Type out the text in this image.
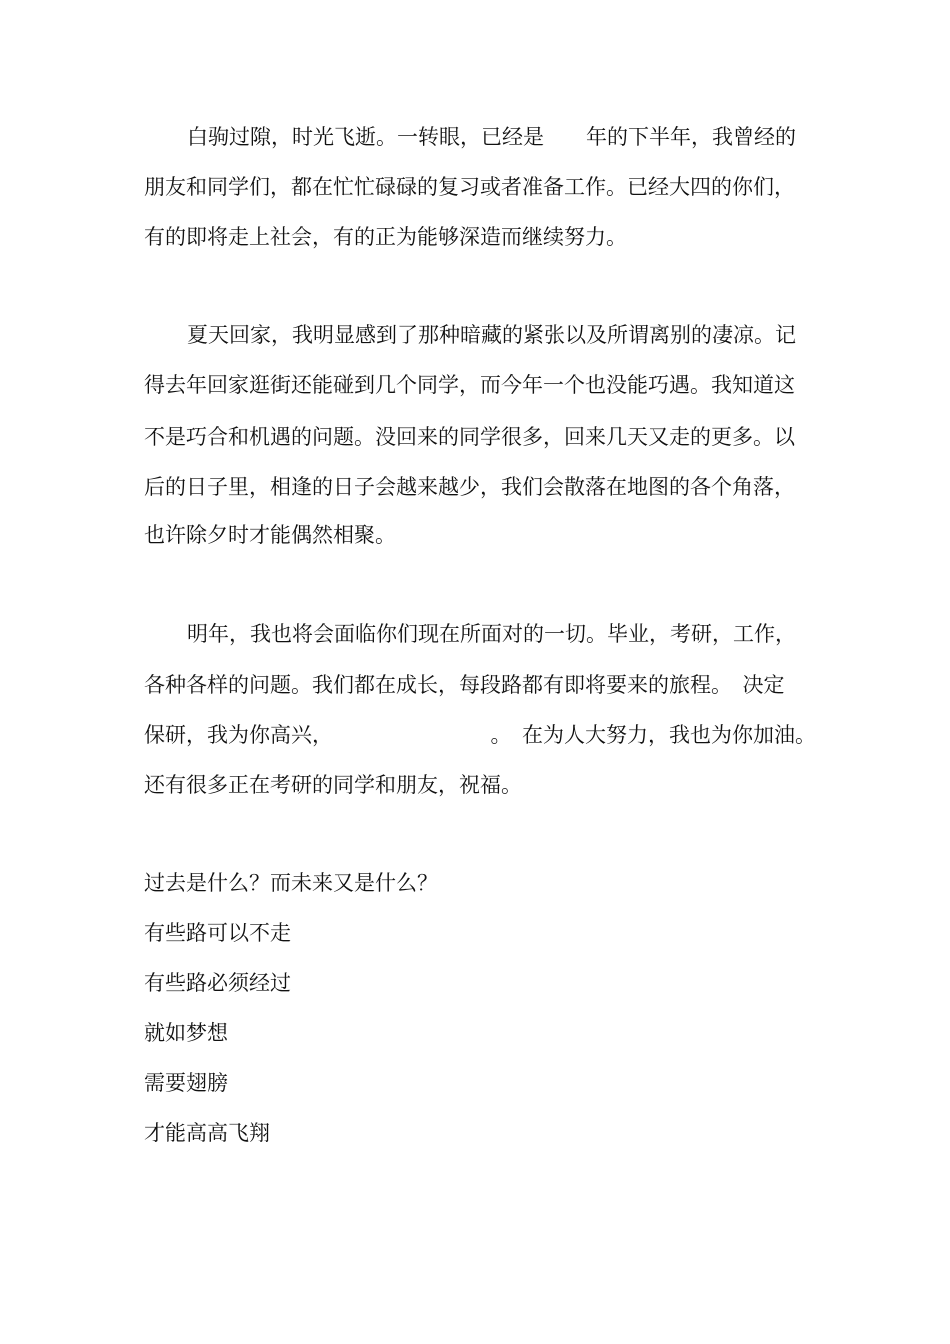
白驹过隙，时光飞逝。一转眼，已经是　　年的下半年，我曾经的
朋友和同学们，都在忙忙碌碌的复习或者准备工作。已经大四的你们，
有的即将走上社会，有的正为能够深造而继续努力。
夏天回家，我明显感到了那种暗藏的紧张以及所谓离别的凄凉。记
得去年回家逛街还能碰到几个同学，而今年一个也没能巧遇。我知道这
不是巧合和机遇的问题。没回来的同学很多，回来几天又走的更多。以
后的日子里，相逢的日子会越来越少，我们会散落在地图的各个角落，
也许除夕时才能偶然相聚。
明年，我也将会面临你们现在所面对的一切。毕业，考研，工作，
各种各样的问题。我们都在成长，每段路都有即将要来的旅程。　决定
保研，我为你高兴，　　　　　　　　。　在为人大努力，我也为你加油。
还有很多正在考研的同学和朋友，祝福。
过去是什么？而未来又是什么？
有些路可以不走
有些路必须经过
就如梦想
需要翅膀
才能高高飞翔
